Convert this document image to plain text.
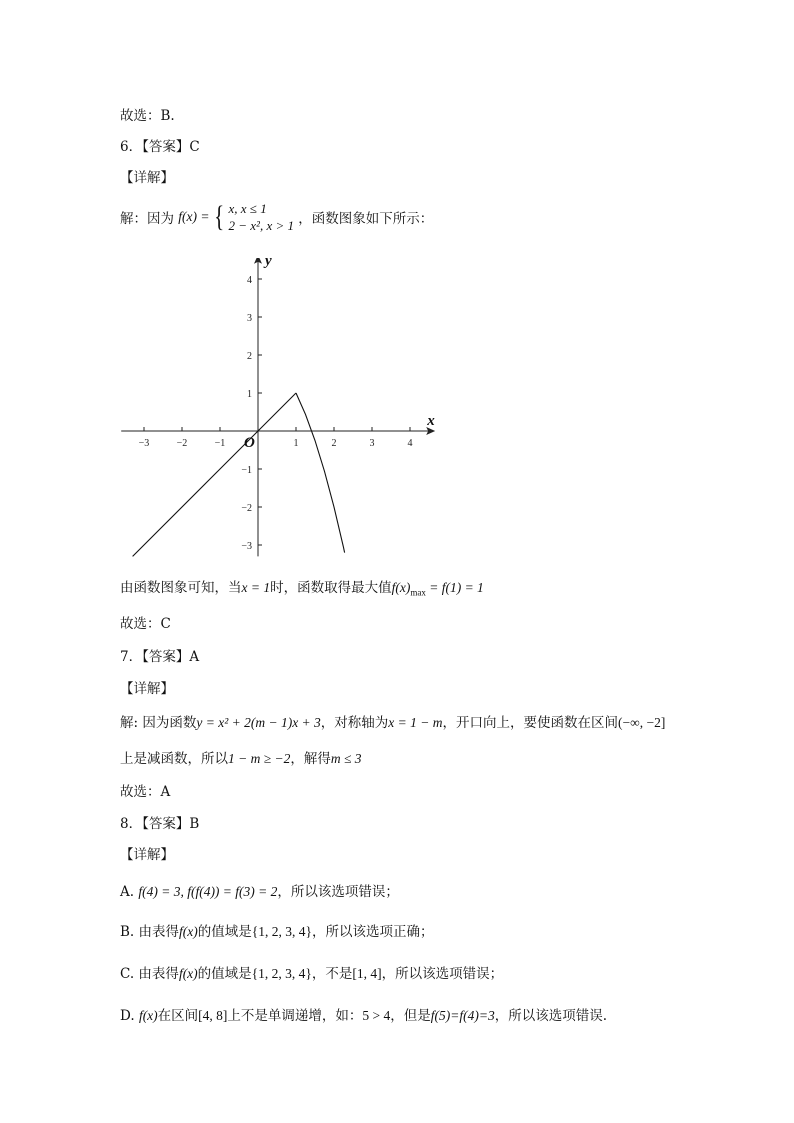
故选：B.
6．【答案】C
【详解】
解：因为 f(x) = { x, x ≤ 1
2 − x², x > 1 ，函数图象如下所示：
−3	−2	−1	1	2	3	4
4
3
2
1
−1
−2
−3
x
y
O
由函数图象可知，当x = 1时，函数取得最大值$f(x)_{max} = f(1) = 1$
故选：C
7．【答案】A
【详解】
解: 因为函数y = x² + 2(m − 1)x + 3，对称轴为x = 1 − m，开口向上，要使函数在区间(−∞, −2]
上是减函数，所以1 − m ≥ −2，解得m ≤ 3
故选：A
8．【答案】B
【详解】
A. f(4) = 3, f(f(4)) = f(3) = 2，所以该选项错误；
B. 由表得f(x)的值域是{1, 2, 3, 4}，所以该选项正确；
C. 由表得f(x)的值域是{1, 2, 3, 4}，不是[1, 4]，所以该选项错误；
D. f(x)在区间[4, 8]上不是单调递增，如：5 > 4，但是f(5)=f(4)=3，所以该选项错误.
